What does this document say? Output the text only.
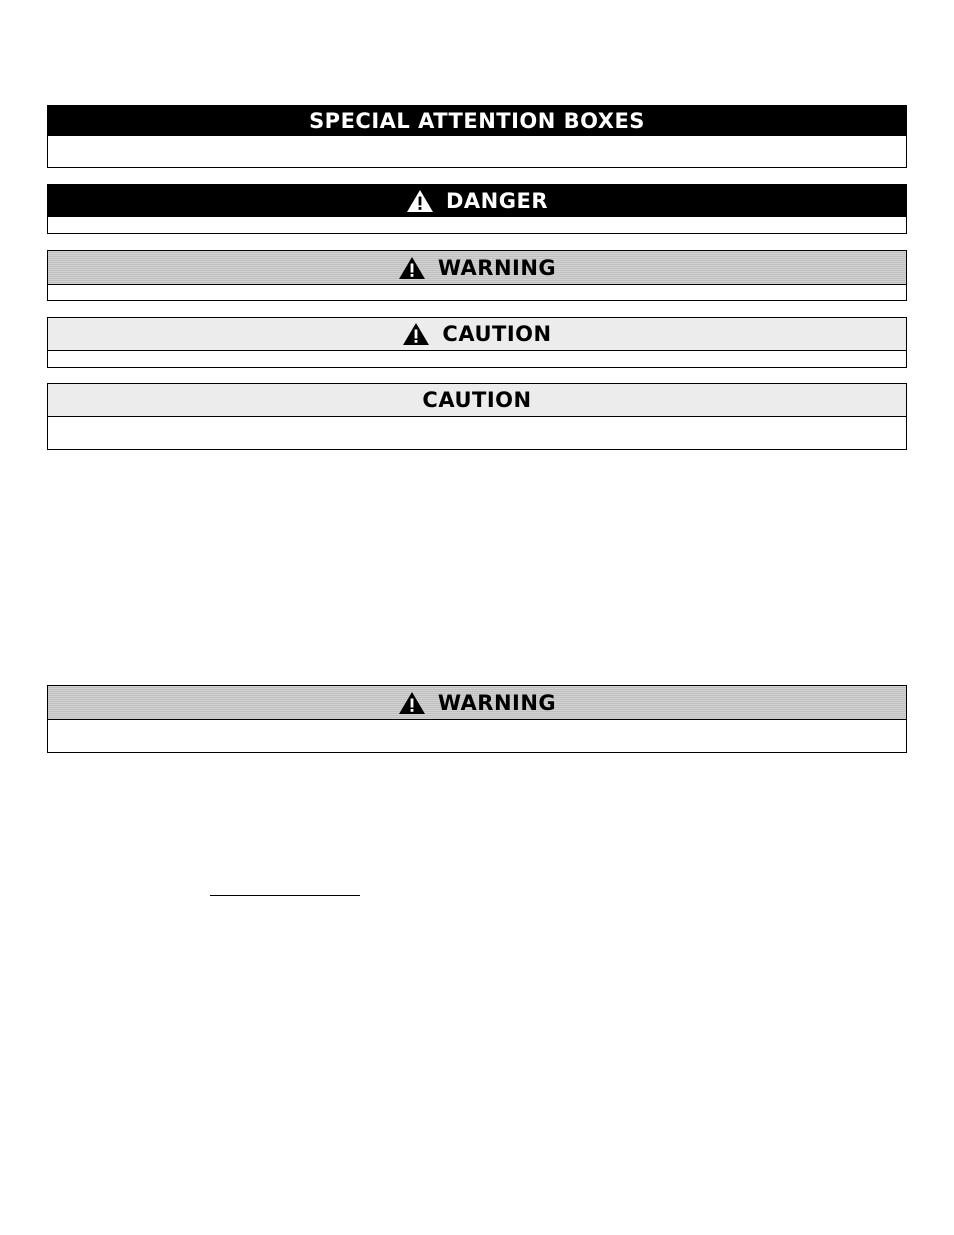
SPECIAL ATTENTION BOXES
DANGER
WARNING
CAUTION
CAUTION
WARNING
